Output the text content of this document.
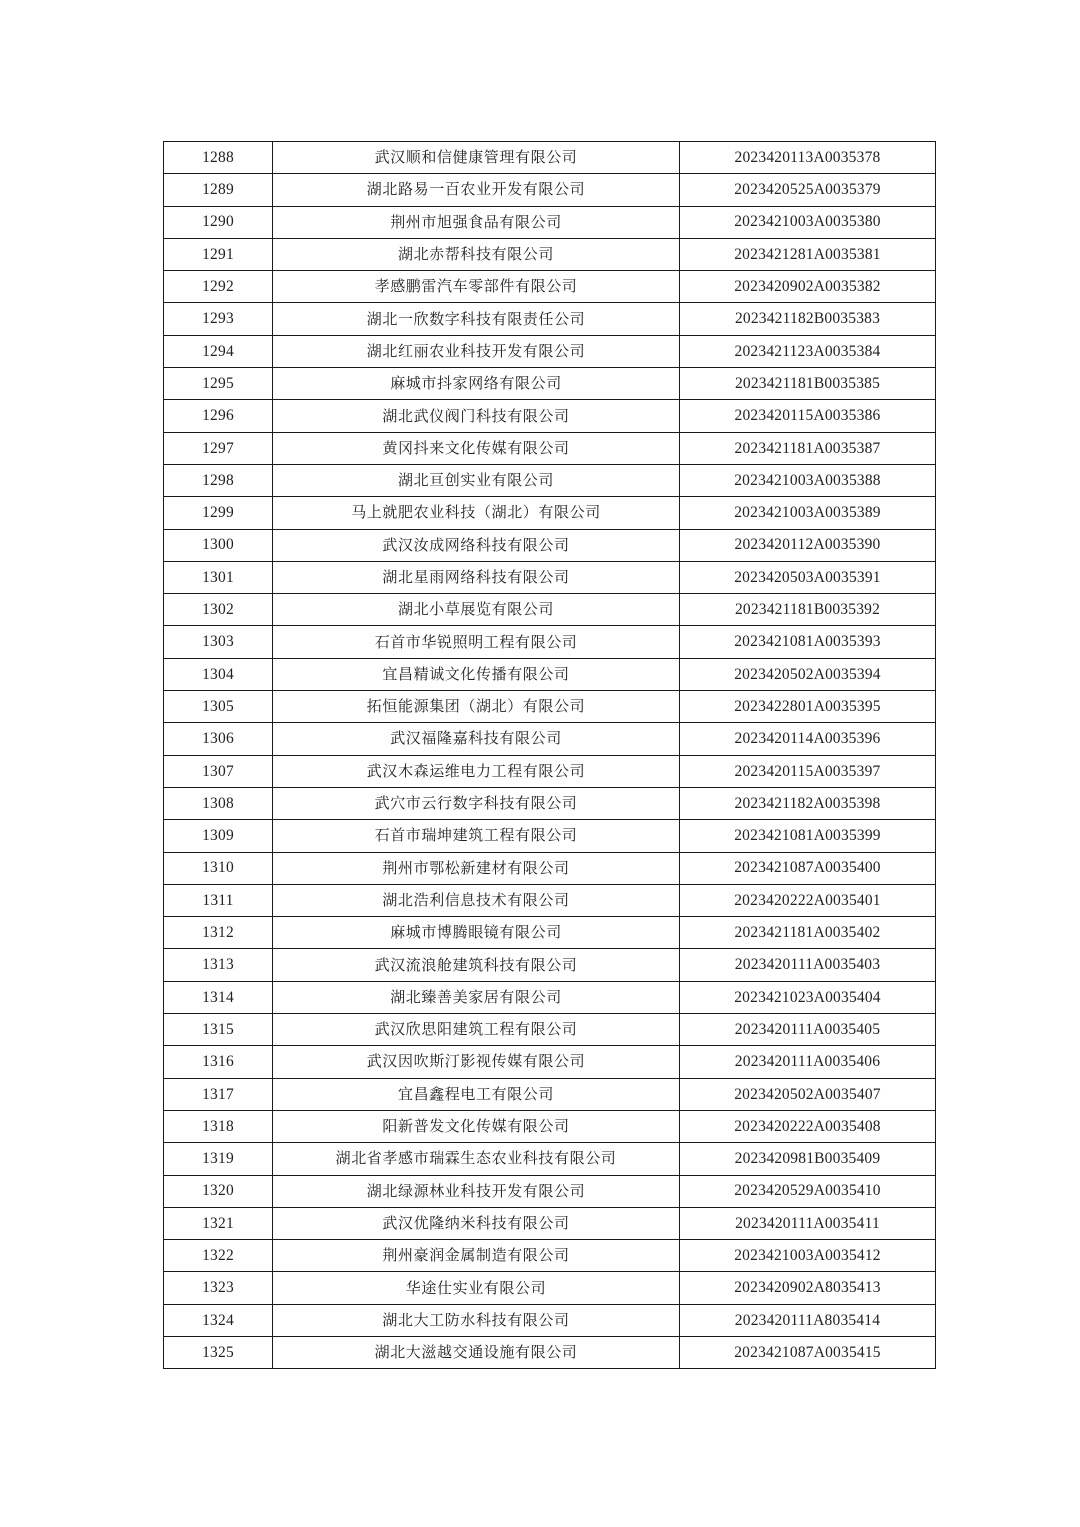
1288	武汉顺和信健康管理有限公司	2023420113A0035378
1289	湖北路易一百农业开发有限公司	2023420525A0035379
1290	荆州市旭强食品有限公司	2023421003A0035380
1291	湖北赤帮科技有限公司	2023421281A0035381
1292	孝感鹏雷汽车零部件有限公司	2023420902A0035382
1293	湖北一欣数字科技有限责任公司	2023421182B0035383
1294	湖北红丽农业科技开发有限公司	2023421123A0035384
1295	麻城市抖家网络有限公司	2023421181B0035385
1296	湖北武仪阀门科技有限公司	2023420115A0035386
1297	黄冈抖来文化传媒有限公司	2023421181A0035387
1298	湖北亘创实业有限公司	2023421003A0035388
1299	马上就肥农业科技（湖北）有限公司	2023421003A0035389
1300	武汉汝成网络科技有限公司	2023420112A0035390
1301	湖北星雨网络科技有限公司	2023420503A0035391
1302	湖北小草展览有限公司	2023421181B0035392
1303	石首市华锐照明工程有限公司	2023421081A0035393
1304	宜昌精诚文化传播有限公司	2023420502A0035394
1305	拓恒能源集团（湖北）有限公司	2023422801A0035395
1306	武汉福隆嘉科技有限公司	2023420114A0035396
1307	武汉木森运维电力工程有限公司	2023420115A0035397
1308	武穴市云行数字科技有限公司	2023421182A0035398
1309	石首市瑞坤建筑工程有限公司	2023421081A0035399
1310	荆州市鄂松新建材有限公司	2023421087A0035400
1311	湖北浩利信息技术有限公司	2023420222A0035401
1312	麻城市博腾眼镜有限公司	2023421181A0035402
1313	武汉流浪舱建筑科技有限公司	2023420111A0035403
1314	湖北臻善美家居有限公司	2023421023A0035404
1315	武汉欣思阳建筑工程有限公司	2023420111A0035405
1316	武汉因吹斯汀影视传媒有限公司	2023420111A0035406
1317	宜昌鑫程电工有限公司	2023420502A0035407
1318	阳新普发文化传媒有限公司	2023420222A0035408
1319	湖北省孝感市瑞霖生态农业科技有限公司	2023420981B0035409
1320	湖北绿源林业科技开发有限公司	2023420529A0035410
1321	武汉优隆纳米科技有限公司	2023420111A0035411
1322	荆州豪润金属制造有限公司	2023421003A0035412
1323	华途仕实业有限公司	2023420902A8035413
1324	湖北大工防水科技有限公司	2023420111A8035414
1325	湖北大滋越交通设施有限公司	2023421087A0035415
